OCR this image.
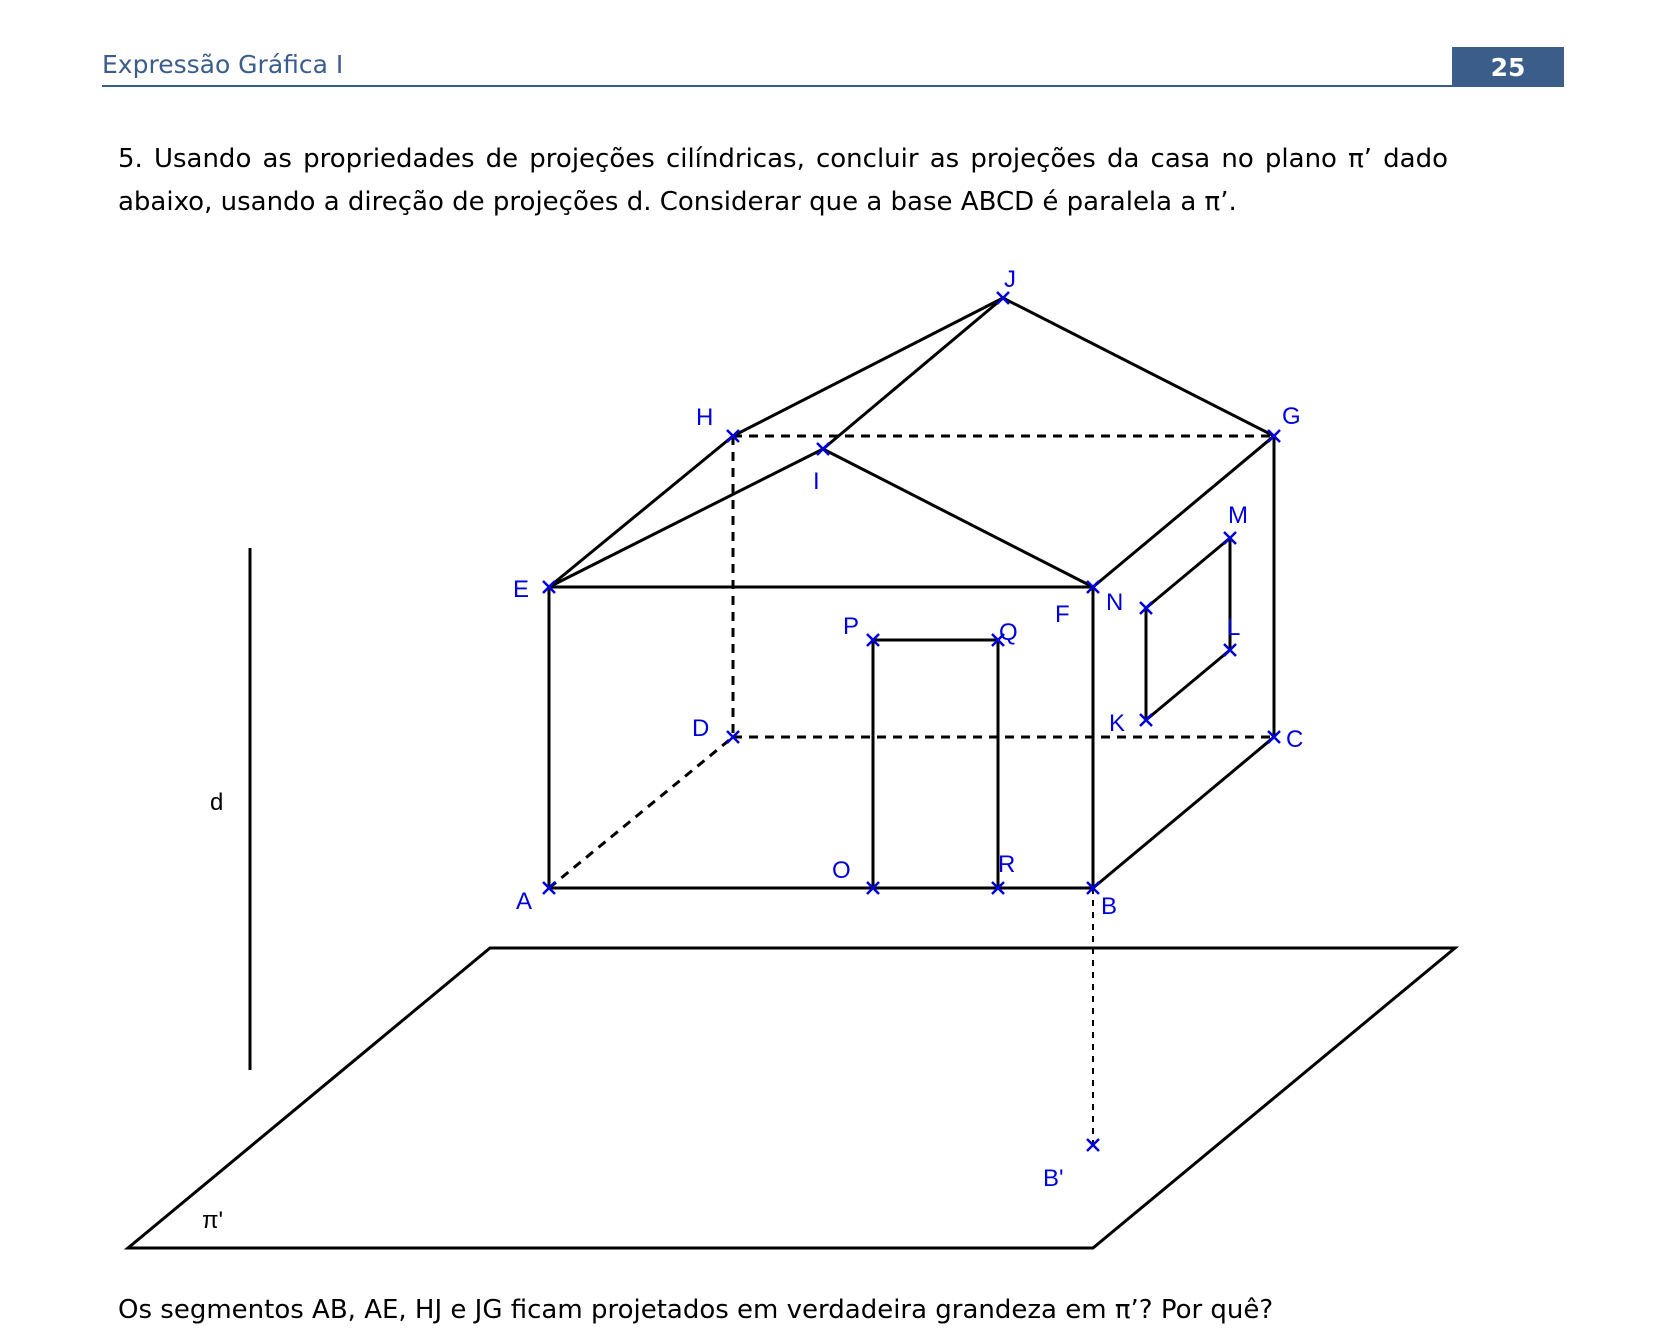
Expressão Gráfica I	25
5. Usando as propriedades de projeções cilíndricas, concluir as projeções da casa no plano π’ dado abaixo, usando a direção de projeções d. Considerar que a base ABCD é paralela a π’.
d
π'
A	B
C
D
E
F
G
H
I
J
K
L
M
N
O
P	Q
R
B'
Os segmentos AB, AE, HJ e JG ficam projetados em verdadeira grandeza em π’? Por quê?
